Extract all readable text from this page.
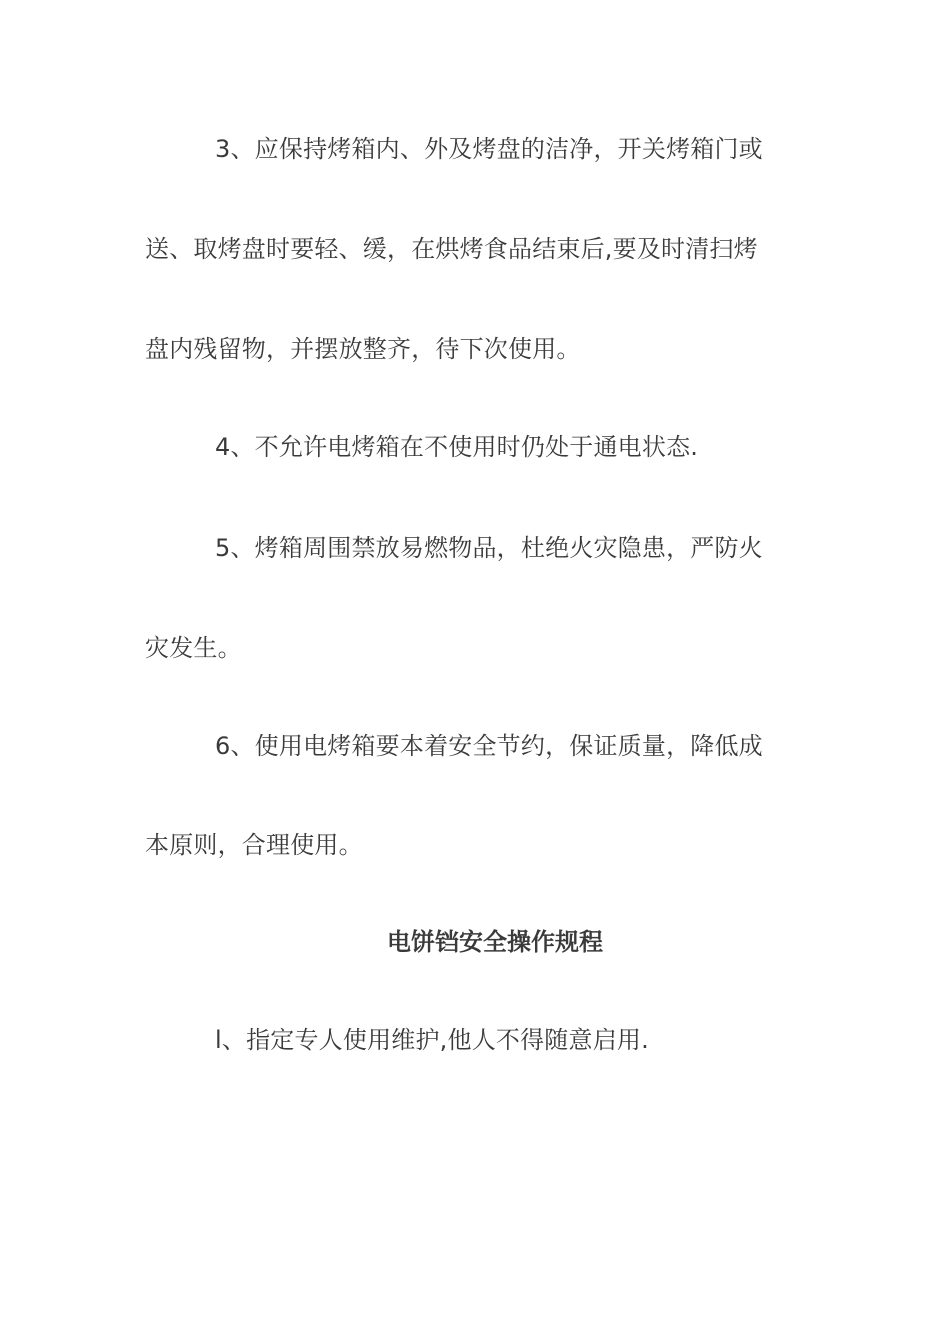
3、应保持烤箱内、外及烤盘的洁净，开关烤箱门或
送、取烤盘时要轻、缓，在烘烤食品结束后,要及时清扫烤
盘内残留物，并摆放整齐，待下次使用。
4、不允许电烤箱在不使用时仍处于通电状态.
5、烤箱周围禁放易燃物品，杜绝火灾隐患，严防火
灾发生。
6、使用电烤箱要本着安全节约，保证质量，降低成
本原则，合理使用。
电饼铛安全操作规程
l、指定专人使用维护,他人不得随意启用.
